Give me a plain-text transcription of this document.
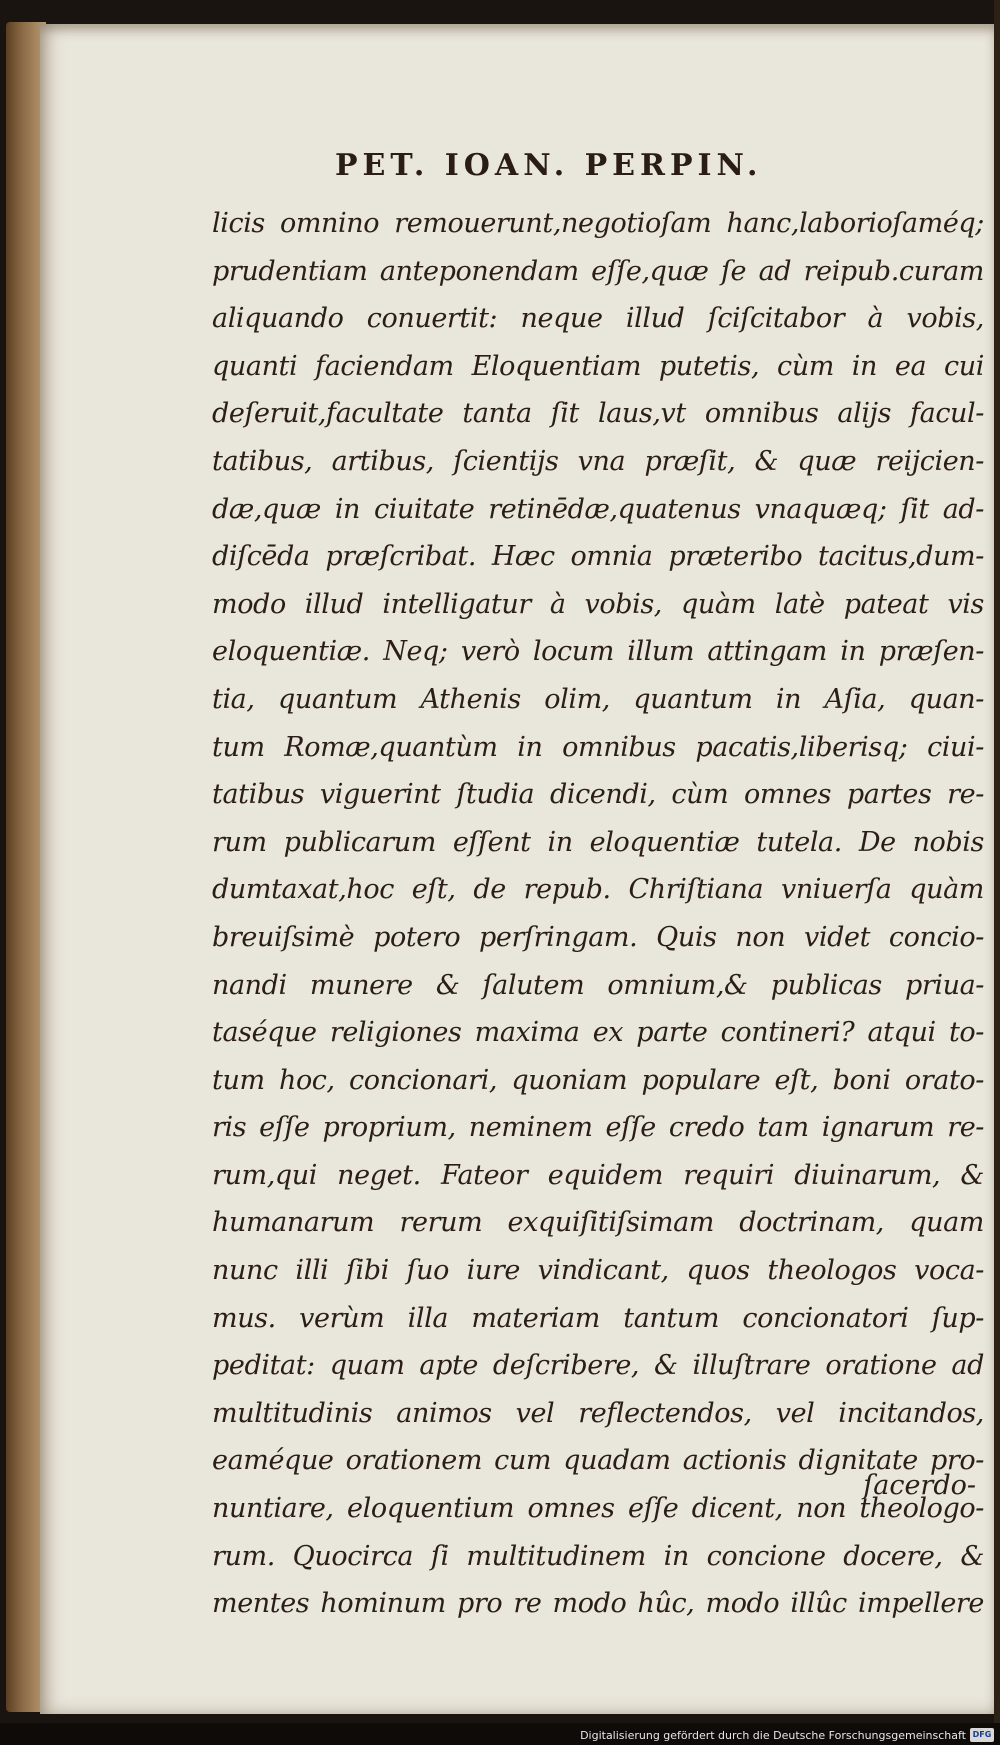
PET. IOAN. PERPIN.
licis omnino remouerunt,negotioſam hanc,laborioſaméq;
prudentiam anteponendam eſſe,quæ ſe ad reipub.curam
aliquando conuertit: neque illud ſciſcitabor à vobis,
quanti faciendam Eloquentiam putetis, cùm in ea cui
deſeruit,facultate tanta ſit laus,vt omnibus alijs facul-
tatibus, artibus, ſcientijs vna præſit, & quæ reijcien-
dæ,quæ in ciuitate retinēdæ,quatenus vnaquæq; ſit ad-
diſcēda præſcribat. Hæc omnia præteribo tacitus,dum-
modo illud intelligatur à vobis, quàm latè pateat vis
eloquentiæ. Neq; verò locum illum attingam in præſen-
tia, quantum Athenis olim, quantum in Aſia, quan-
tum Romæ,quantùm in omnibus pacatis,liberisq; ciui-
tatibus viguerint ſtudia dicendi, cùm omnes partes re-
rum publicarum eſſent in eloquentiæ tutela. De nobis
dumtaxat,hoc eſt, de repub. Chriſtiana vniuerſa quàm
breuiſsimè potero perſringam. Quis non videt concio-
nandi munere & ſalutem omnium,& publicas priua-
taséque religiones maxima ex parte contineri? atqui to-
tum hoc, concionari, quoniam populare eſt, boni orato-
ris eſſe proprium, neminem eſſe credo tam ignarum re-
rum,qui neget. Fateor equidem requiri diuinarum, &
humanarum rerum exquiſitiſsimam doctrinam, quam
nunc illi ſibi ſuo iure vindicant, quos theologos voca-
mus. verùm illa materiam tantum concionatori ſup-
peditat: quam apte deſcribere, & illuſtrare oratione ad
multitudinis animos vel reflectendos, vel incitandos,
eaméque orationem cum quadam actionis dignitate pro-
nuntiare, eloquentium omnes eſſe dicent, non theologo-
rum. Quocirca ſi multitudinem in concione docere, &
mentes hominum pro re modo hûc, modo illûc impellere
ſacerdo-
Digitalisierung gefördert durch die Deutsche Forschungsgemeinschaft DFG
